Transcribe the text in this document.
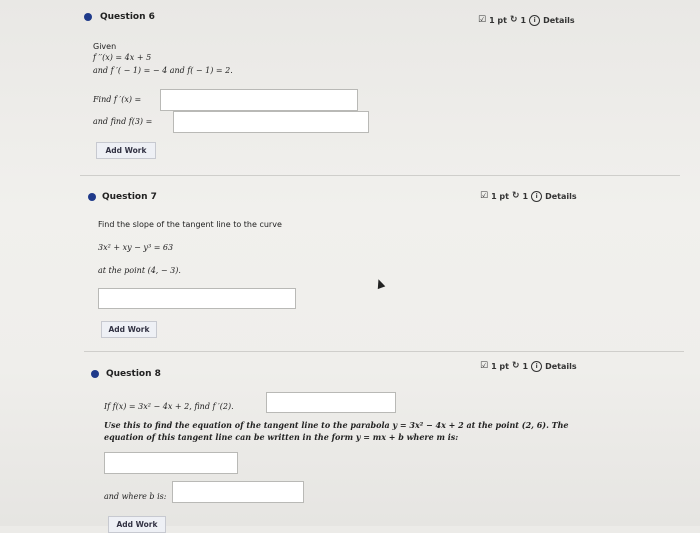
Question 6	☑ 1 pt ↻ 1	i Details
Given
f ′′(x) = 4x + 5
and f ′( − 1) = − 4 and f( − 1) = 2.
Find f ′(x) =
and find f(3) =
Add Work
Question 7	☑ 1 pt ↻ 1	i Details
Find the slope of the tangent line to the curve
3x² + xy − y³ = 63
at the point (4, − 3).
Add Work
Question 8
☑ 1 pt ↻ 1	i Details
If f(x) = 3x² − 4x + 2, find f ′(2).
Use this to find the equation of the tangent line to the parabola y = 3x² − 4x + 2 at the point (2, 6). The
equation of this tangent line can be written in the form y = mx + b where m is:
and where b is:
Add Work
